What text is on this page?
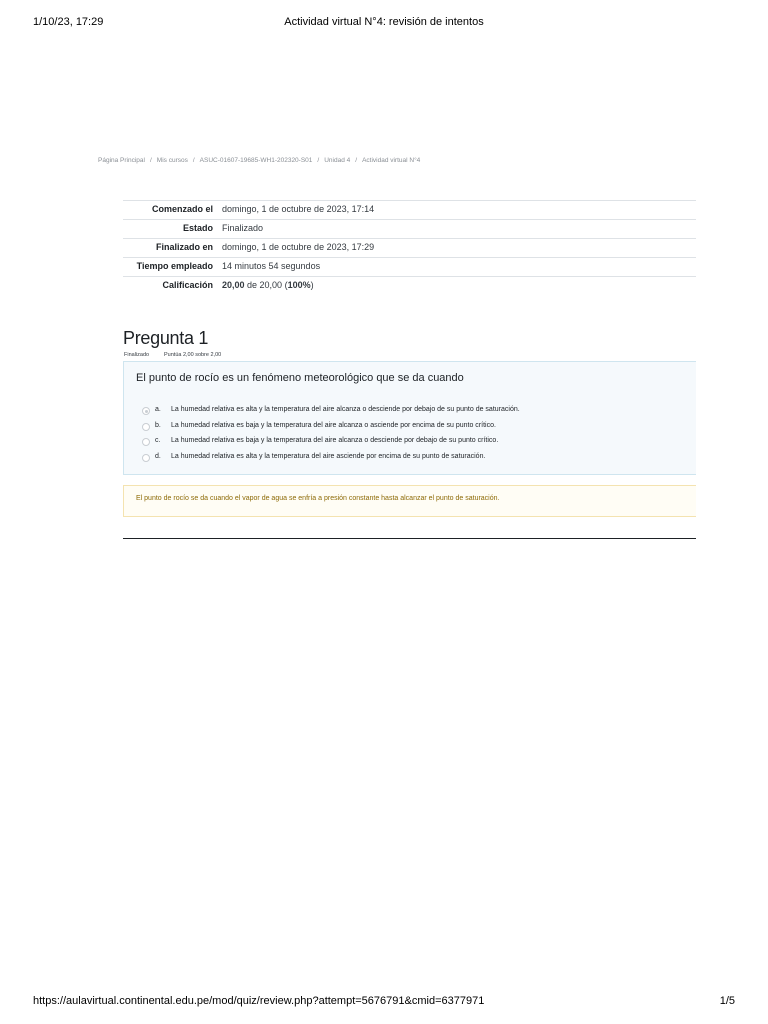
1/10/23, 17:29	Actividad virtual N°4: revisión de intentos
Página Principal / Mis cursos / ASUC-01607-19685-WH1-202320-S01 / Unidad 4 / Actividad virtual N°4
Comenzado el	domingo, 1 de octubre de 2023, 17:14
Estado	Finalizado
Finalizado en	domingo, 1 de octubre de 2023, 17:29
Tiempo empleado	14 minutos 54 segundos
Calificación	20,00 de 20,00 (100%)
Pregunta 1
Finalizado	Puntúa 2,00 sobre 2,00
El punto de rocío es un fenómeno meteorológico que se da cuando
a. La humedad relativa es alta y la temperatura del aire alcanza o desciende por debajo de su punto de saturación.
b. La humedad relativa es baja y la temperatura del aire alcanza o asciende por encima de su punto crítico.
c. La humedad relativa es baja y la temperatura del aire alcanza o desciende por debajo de su punto crítico.
d. La humedad relativa es alta y la temperatura del aire asciende por encima de su punto de saturación.
El punto de rocío se da cuando el vapor de agua se enfría a presión constante hasta alcanzar el punto de saturación.
https://aulavirtual.continental.edu.pe/mod/quiz/review.php?attempt=5676791&cmid=6377971	1/5
